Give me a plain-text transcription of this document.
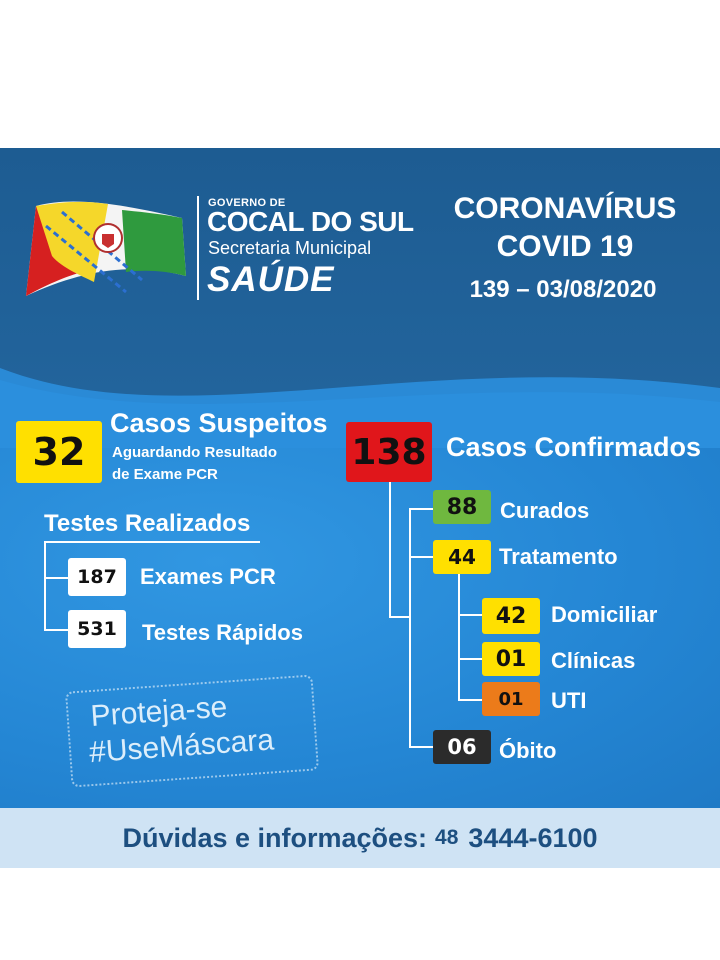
GOVERNO DE
COCAL DO SUL
Secretaria Municipal
SAÚDE
CORONAVÍRUS
COVID 19
139 – 03/08/2020
32
Casos Suspeitos
Aguardando Resultado
de Exame PCR
Testes Realizados
187	Exames PCR
531	Testes Rápidos
Proteja-se
#UseMáscara
138 Casos Confirmados
88	Curados
44	Tratamento
42	Domiciliar
01	Clínicas
01	UTI
06	Óbito
Dúvidas e informações: 48 3444-6100
